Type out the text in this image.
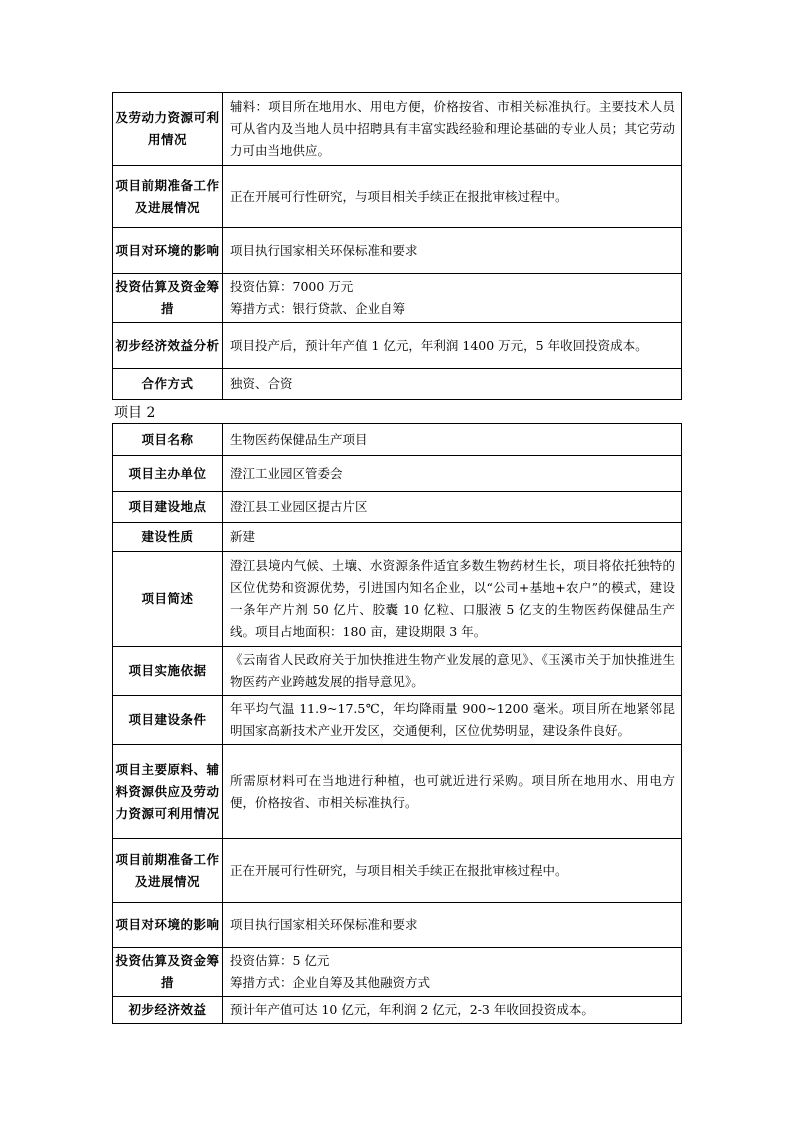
及劳动力资源可利用情况	辅料：项目所在地用水、用电方便，价格按省、市相关标准执行。主要技术人员可从省内及当地人员中招聘具有丰富实践经验和理论基础的专业人员；其它劳动力可由当地供应。

项目前期准备工作及进展情况	正在开展可行性研究，与项目相关手续正在报批审核过程中。

项目对环境的影响	项目执行国家相关环保标准和要求

投资估算及资金筹措	投资估算：7000 万元
筹措方式：银行贷款、企业自筹

初步经济效益分析	项目投产后，预计年产值 1 亿元，年利润 1400 万元，5 年收回投资成本。

合作方式	独资、合资
项目 2
项目名称	生物医药保健品生产项目

项目主办单位	澄江工业园区管委会

项目建设地点	澄江县工业园区提古片区

建设性质	新建

项目简述	澄江县境内气候、土壤、水资源条件适宜多数生物药材生长，项目将依托独特的区位优势和资源优势，引进国内知名企业，以“公司+基地+农户”的模式，建设一条年产片剂 50 亿片、胶囊 10 亿粒、口服液 5 亿支的生物医药保健品生产线。项目占地面积：180 亩，建设期限 3 年。

项目实施依据	《云南省人民政府关于加快推进生物产业发展的意见》、《玉溪市关于加快推进生物医药产业跨越发展的指导意见》。

项目建设条件	年平均气温 11.9~17.5℃，年均降雨量 900~1200 毫米。项目所在地紧邻昆明国家高新技术产业开发区，交通便利，区位优势明显，建设条件良好。

项目主要原料、辅料资源供应及劳动力资源可利用情况	所需原材料可在当地进行种植，也可就近进行采购。项目所在地用水、用电方便，价格按省、市相关标准执行。

项目前期准备工作及进展情况	正在开展可行性研究，与项目相关手续正在报批审核过程中。

项目对环境的影响	项目执行国家相关环保标准和要求

投资估算及资金筹措	投资估算：5 亿元
筹措方式：企业自筹及其他融资方式

初步经济效益	预计年产值可达 10 亿元，年利润 2 亿元，2-3 年收回投资成本。
